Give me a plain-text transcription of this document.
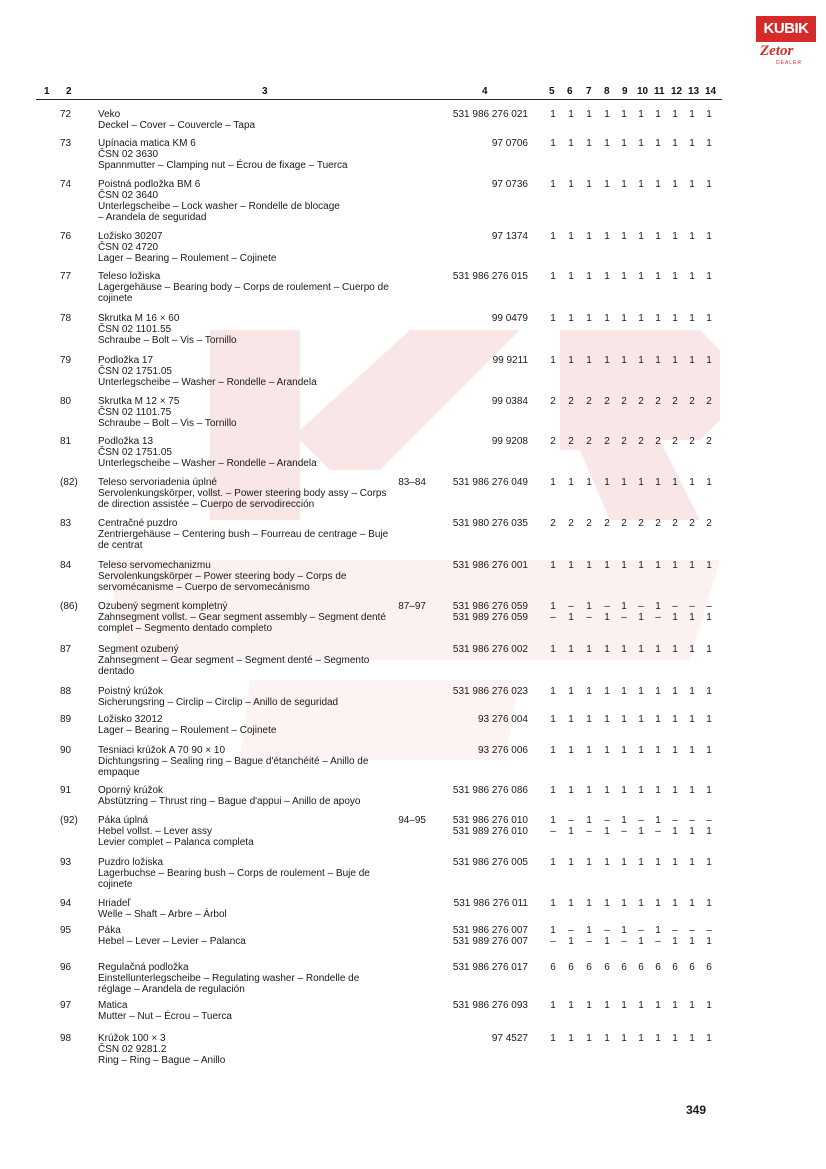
KUBIK
Zetor
DEALER
1 2	3	4	5 6 7 8 9 10 11 12 13 14
72	Veko
Deckel – Cover – Couvercle – Tapa
531 986 276 021	1	1	1	1	1	1	1	1	1	1
73	Upínacia matica KM 6
ČSN 02 3630
Spannmutter – Clamping nut – Écrou de fixage – Tuerca
97 0706	1	1	1	1	1	1	1	1	1	1
74	Poistná podložka BM 6
ČSN 02 3640
Unterlegscheibe – Lock washer – Rondelle de blocage
– Arandela de seguridad
97 0736	1	1	1	1	1	1	1	1	1	1
76	Ložisko 30207
ČSN 02 4720
Lager – Bearing – Roulement – Cojinete
97 1374	1	1	1	1	1	1	1	1	1	1
77	Teleso ložiska
Lagergehäuse – Bearing body – Corps de roulement – Cuerpo de
cojinete
531 986 276 015	1	1	1	1	1	1	1	1	1	1
78	Skrutka M 16 × 60
ČSN 02 1101.55
Schraube – Bolt – Vis – Tornillo
99 0479	1	1	1	1	1	1	1	1	1	1
79	Podložka 17
ČSN 02 1751.05
Unterlegscheibe – Washer – Rondelle – Arandela
99 9211	1	1	1	1	1	1	1	1	1	1
80	Skrutka M 12 × 75
ČSN 02 1101.75
Schraube – Bolt – Vis – Tornillo
99 0384	2	2	2	2	2	2	2	2	2	2
81	Podložka 13
ČSN 02 1751.05
Unterlegscheibe – Washer – Rondelle – Arandela
99 9208	2	2	2	2	2	2	2	2	2	2
(82)	Teleso servoriadenia úplné
Servolenkungskörper, vollst. – Power steering body assy – Corps
de direction assistée – Cuerpo de servodirección
83–84	531 986 276 049	1	1	1	1	1	1	1	1	1	1
83	Centračné puzdro
Zentriergehäuse – Centering bush – Fourreau de centrage – Buje
de centrat
531 980 276 035	2	2	2	2	2	2	2	2	2	2
84	Teleso servomechanizmu
Servolenkungskörper – Power steering body – Corps de
servomécanisme – Cuerpo de servomecánismo
531 986 276 001	1	1	1	1	1	1	1	1	1	1
(86)	Ozubený segment kompletný
Zahnsegment vollst. – Gear segment assembly – Segment denté
complet – Segmento dentado completo
87–97	531 986 276 059
531 989 276 059
1	–	1	–	1	–	1	–	–	–
–	1	–	1	–	1	–	1	1	1
87	Segment ozubený
Zahnsegment – Gear segment – Segment denté – Segmento
dentado
531 986 276 002	1	1	1	1	1	1	1	1	1	1
88	Poistný krúžok
Sicherungsring – Circlip – Circlip – Anillo de seguridad
531 986 276 023	1	1	1	1	1	1	1	1	1	1
89	Ložisko 32012
Lager – Bearing – Roulement – Cojinete
93 276 004	1	1	1	1	1	1	1	1	1	1
90	Tesniaci krúžok A 70 90 × 10
Dichtungsring – Sealing ring – Bague d'étanchéité – Anillo de
empaque
93 276 006	1	1	1	1	1	1	1	1	1	1
91	Oporný krúžok
Abstützring – Thrust ring – Bague d'appui – Anillo de apoyo
531 986 276 086	1	1	1	1	1	1	1	1	1	1
(92)	Páka úplná
Hebel vollst. – Lever assy
Levier complet – Palanca completa
94–95	531 986 276 010
531 989 276 010
1	–	1	–	1	–	1	–	–	–
–	1	–	1	–	1	–	1	1	1
93	Puzdro ložiska
Lagerbuchse – Bearing bush – Corps de roulement – Buje de
cojinete
531 986 276 005	1	1	1	1	1	1	1	1	1	1
94	Hriadeľ
Welle – Shaft – Arbre – Árbol
531 986 276 011	1	1	1	1	1	1	1	1	1	1
95	Páka
Hebel – Lever – Levier – Palanca
531 986 276 007
531 989 276 007
1	–	1	–	1	–	1	–	–	–
–	1	–	1	–	1	–	1	1	1
96	Regulačná podložka
Einstellunterlegscheibe – Regulating washer – Rondelle de
réglage – Arandela de regulación
531 986 276 017	6	6	6	6	6	6	6	6	6	6
97	Matica
Mutter – Nut – Écrou – Tuerca
531 986 276 093	1	1	1	1	1	1	1	1	1	1
98	Krúžok 100 × 3
ČSN 02 9281.2
Ring – Ring – Bague – Anillo
97 4527	1	1	1	1	1	1	1	1	1	1
349
